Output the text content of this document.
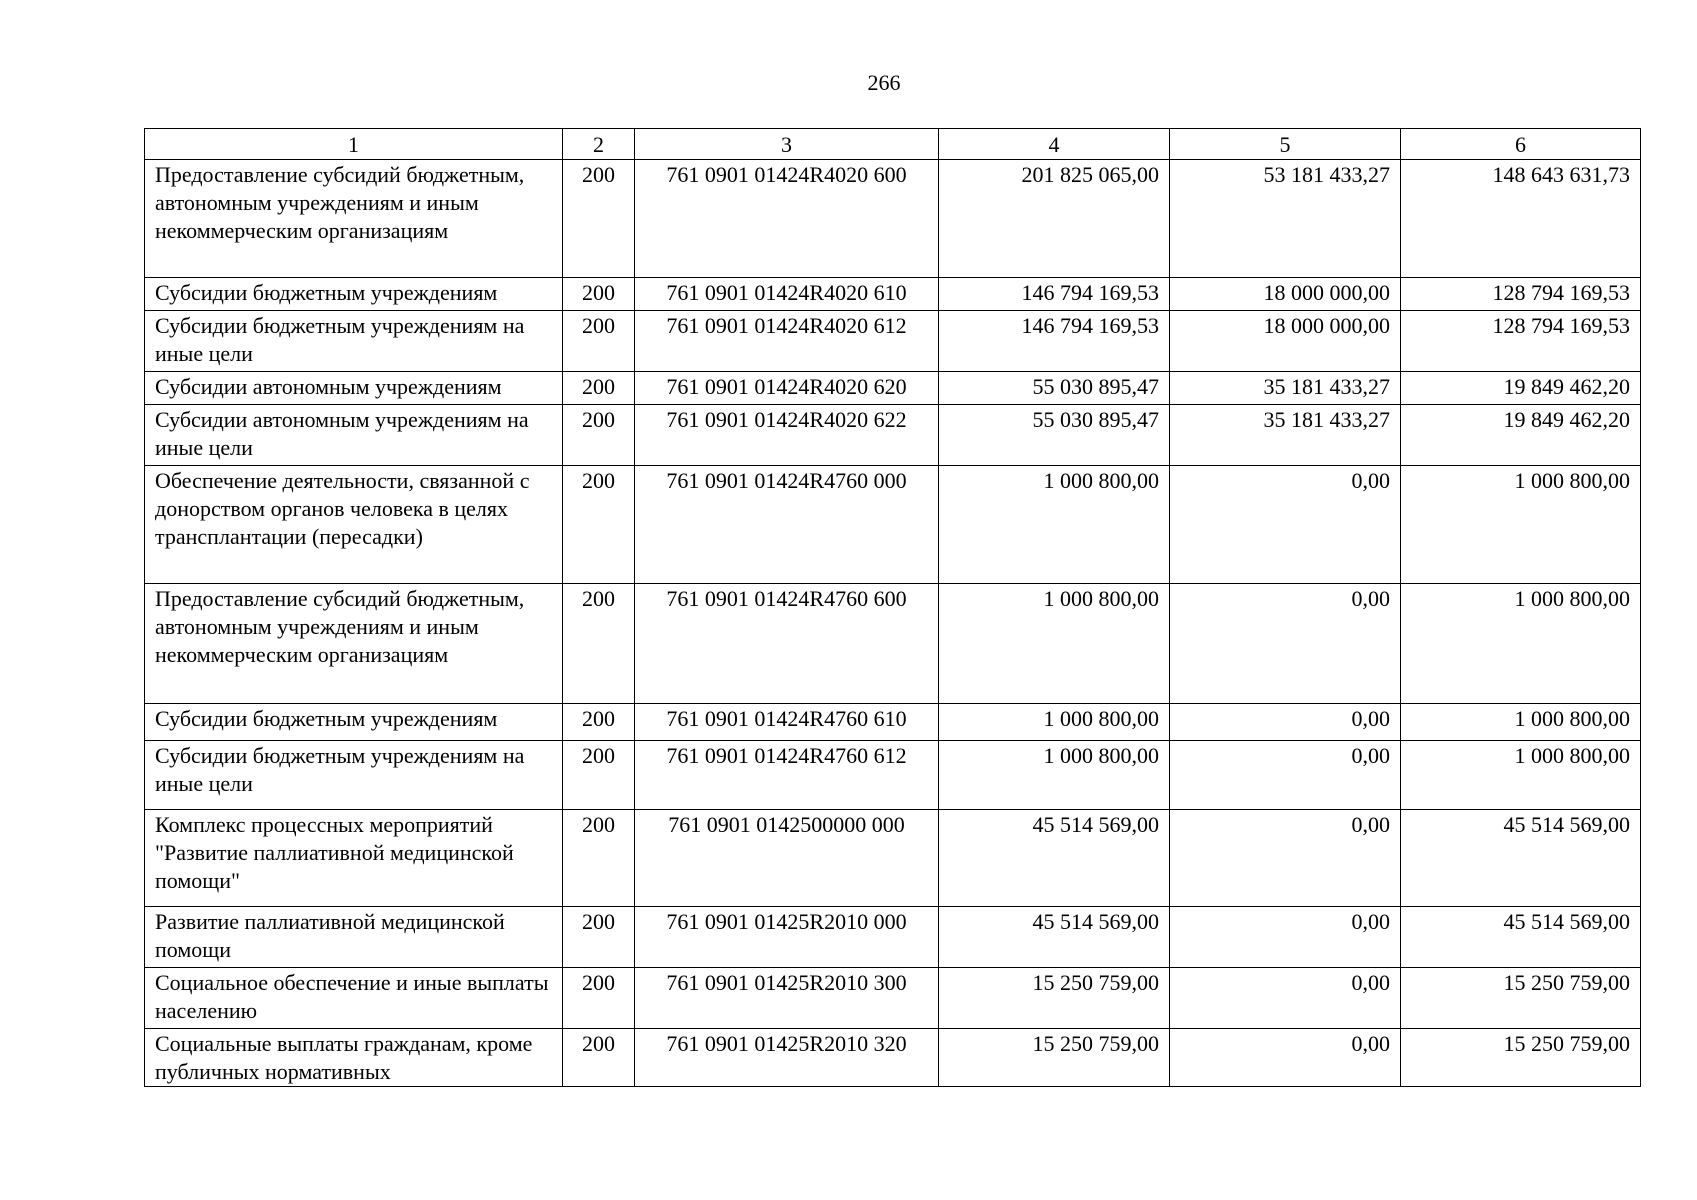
266
1	2	3	4	5	6
Предоставление субсидий бюджетным, автономным учреждениям и иным некоммерческим организациям	200	761 0901 01424R4020 600	201 825 065,00	53 181 433,27	148 643 631,73
Субсидии бюджетным учреждениям	200	761 0901 01424R4020 610	146 794 169,53	18 000 000,00	128 794 169,53
Субсидии бюджетным учреждениям на иные цели	200	761 0901 01424R4020 612	146 794 169,53	18 000 000,00	128 794 169,53
Субсидии автономным учреждениям	200	761 0901 01424R4020 620	55 030 895,47	35 181 433,27	19 849 462,20
Субсидии автономным учреждениям на иные цели	200	761 0901 01424R4020 622	55 030 895,47	35 181 433,27	19 849 462,20
Обеспечение деятельности, связанной с донорством органов человека в целях трансплантации (пересадки)	200	761 0901 01424R4760 000	1 000 800,00	0,00	1 000 800,00
Предоставление субсидий бюджетным, автономным учреждениям и иным некоммерческим организациям	200	761 0901 01424R4760 600	1 000 800,00	0,00	1 000 800,00
Субсидии бюджетным учреждениям	200	761 0901 01424R4760 610	1 000 800,00	0,00	1 000 800,00
Субсидии бюджетным учреждениям на иные цели	200	761 0901 01424R4760 612	1 000 800,00	0,00	1 000 800,00
Комплекс процессных мероприятий "Развитие паллиативной медицинской помощи"	200	761 0901 0142500000 000	45 514 569,00	0,00	45 514 569,00
Развитие паллиативной медицинской помощи	200	761 0901 01425R2010 000	45 514 569,00	0,00	45 514 569,00
Социальное обеспечение и иные выплаты населению	200	761 0901 01425R2010 300	15 250 759,00	0,00	15 250 759,00
Социальные выплаты гражданам, кроме публичных нормативных	200	761 0901 01425R2010 320	15 250 759,00	0,00	15 250 759,00
